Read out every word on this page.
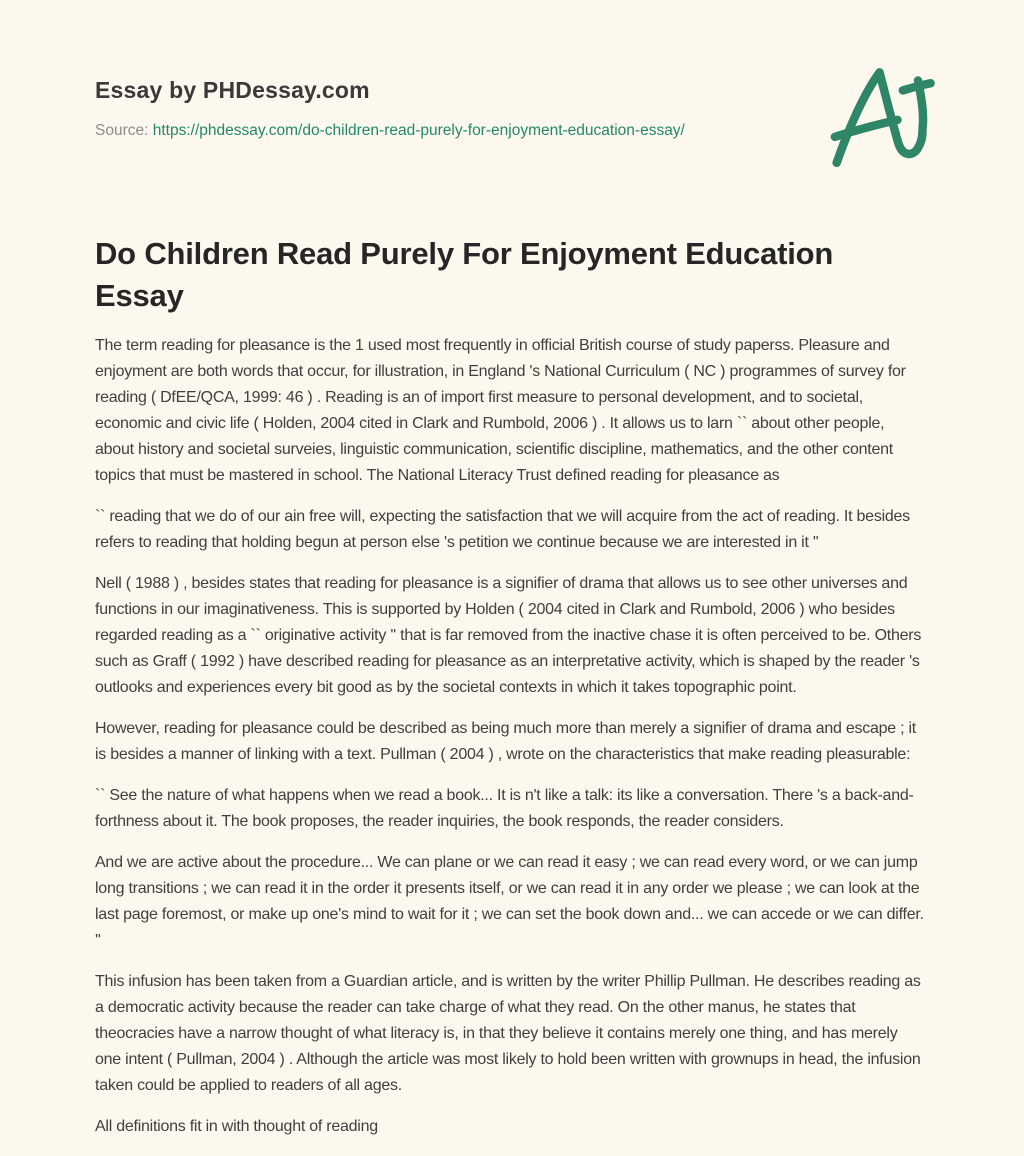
Essay by PHDessay.com
Source: https://phdessay.com/do-children-read-purely-for-enjoyment-education-essay/
Do Children Read Purely For Enjoyment Education Essay

The term reading for pleasance is the 1 used most frequently in official British course of study paperss. Pleasure and enjoyment are both words that occur, for illustration, in England 's National Curriculum ( NC ) programmes of survey for reading ( DfEE/QCA, 1999: 46 ) . Reading is an of import first measure to personal development, and to societal, economic and civic life ( Holden, 2004 cited in Clark and Rumbold, 2006 ) . It allows us to larn `` about other people, about history and societal surveies, linguistic communication, scientific discipline, mathematics, and the other content topics that must be mastered in school. The National Literacy Trust defined reading for pleasance as

`` reading that we do of our ain free will, expecting the satisfaction that we will acquire from the act of reading. It besides refers to reading that holding begun at person else 's petition we continue because we are interested in it ''

Nell ( 1988 ) , besides states that reading for pleasance is a signifier of drama that allows us to see other universes and functions in our imaginativeness. This is supported by Holden ( 2004 cited in Clark and Rumbold, 2006 ) who besides regarded reading as a `` originative activity '' that is far removed from the inactive chase it is often perceived to be. Others such as Graff ( 1992 ) have described reading for pleasance as an interpretative activity, which is shaped by the reader 's outlooks and experiences every bit good as by the societal contexts in which it takes topographic point.

However, reading for pleasance could be described as being much more than merely a signifier of drama and escape ; it is besides a manner of linking with a text. Pullman ( 2004 ) , wrote on the characteristics that make reading pleasurable:

`` See the nature of what happens when we read a book... It is n't like a talk: its like a conversation. There 's a back-and-forthness about it. The book proposes, the reader inquiries, the book responds, the reader considers.

And we are active about the procedure... We can plane or we can read it easy ; we can read every word, or we can jump long transitions ; we can read it in the order it presents itself, or we can read it in any order we please ; we can look at the last page foremost, or make up one's mind to wait for it ; we can set the book down and... we can accede or we can differ. ''

This infusion has been taken from a Guardian article, and is written by the writer Phillip Pullman. He describes reading as a democratic activity because the reader can take charge of what they read. On the other manus, he states that theocracies have a narrow thought of what literacy is, in that they believe it contains merely one thing, and has merely one intent ( Pullman, 2004 ) . Although the article was most likely to hold been written with grownups in head, the infusion taken could be applied to readers of all ages.

All definitions fit in with thought of reading
